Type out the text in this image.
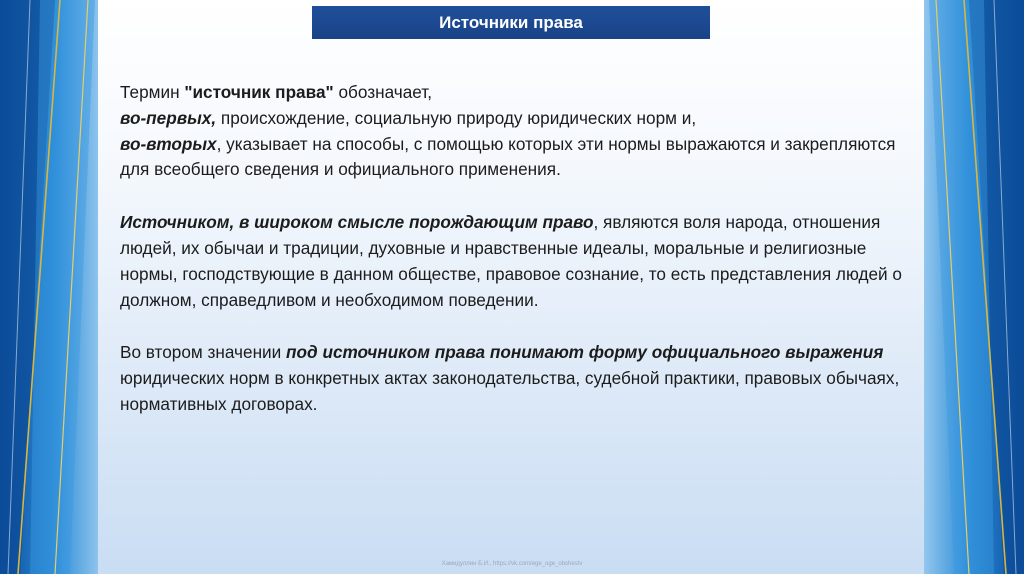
Источники права

Термин "источник права" обозначает,
во-первых, происхождение, социальную природу юридических норм и,
во-вторых, указывает на способы, с помощью которых эти нормы выражаются и закрепляются для всеобщего сведения и официального применения.

Источником, в широком смысле порождающим право, являются воля народа, отношения людей, их обычаи и традиции, духовные и нравственные идеалы, моральные и религиозные нормы, господствующие в данном обществе, правовое сознание, то есть представления людей о должном, справедливом и необходимом поведении.

Во втором значении под источником права понимают форму официального выражения юридических норм в конкретных актах законодательства, судебной практики, правовых обычаях, нормативных договорах.

Хамидуллин Б.И., https://vk.com/ege_oge_obshestv
